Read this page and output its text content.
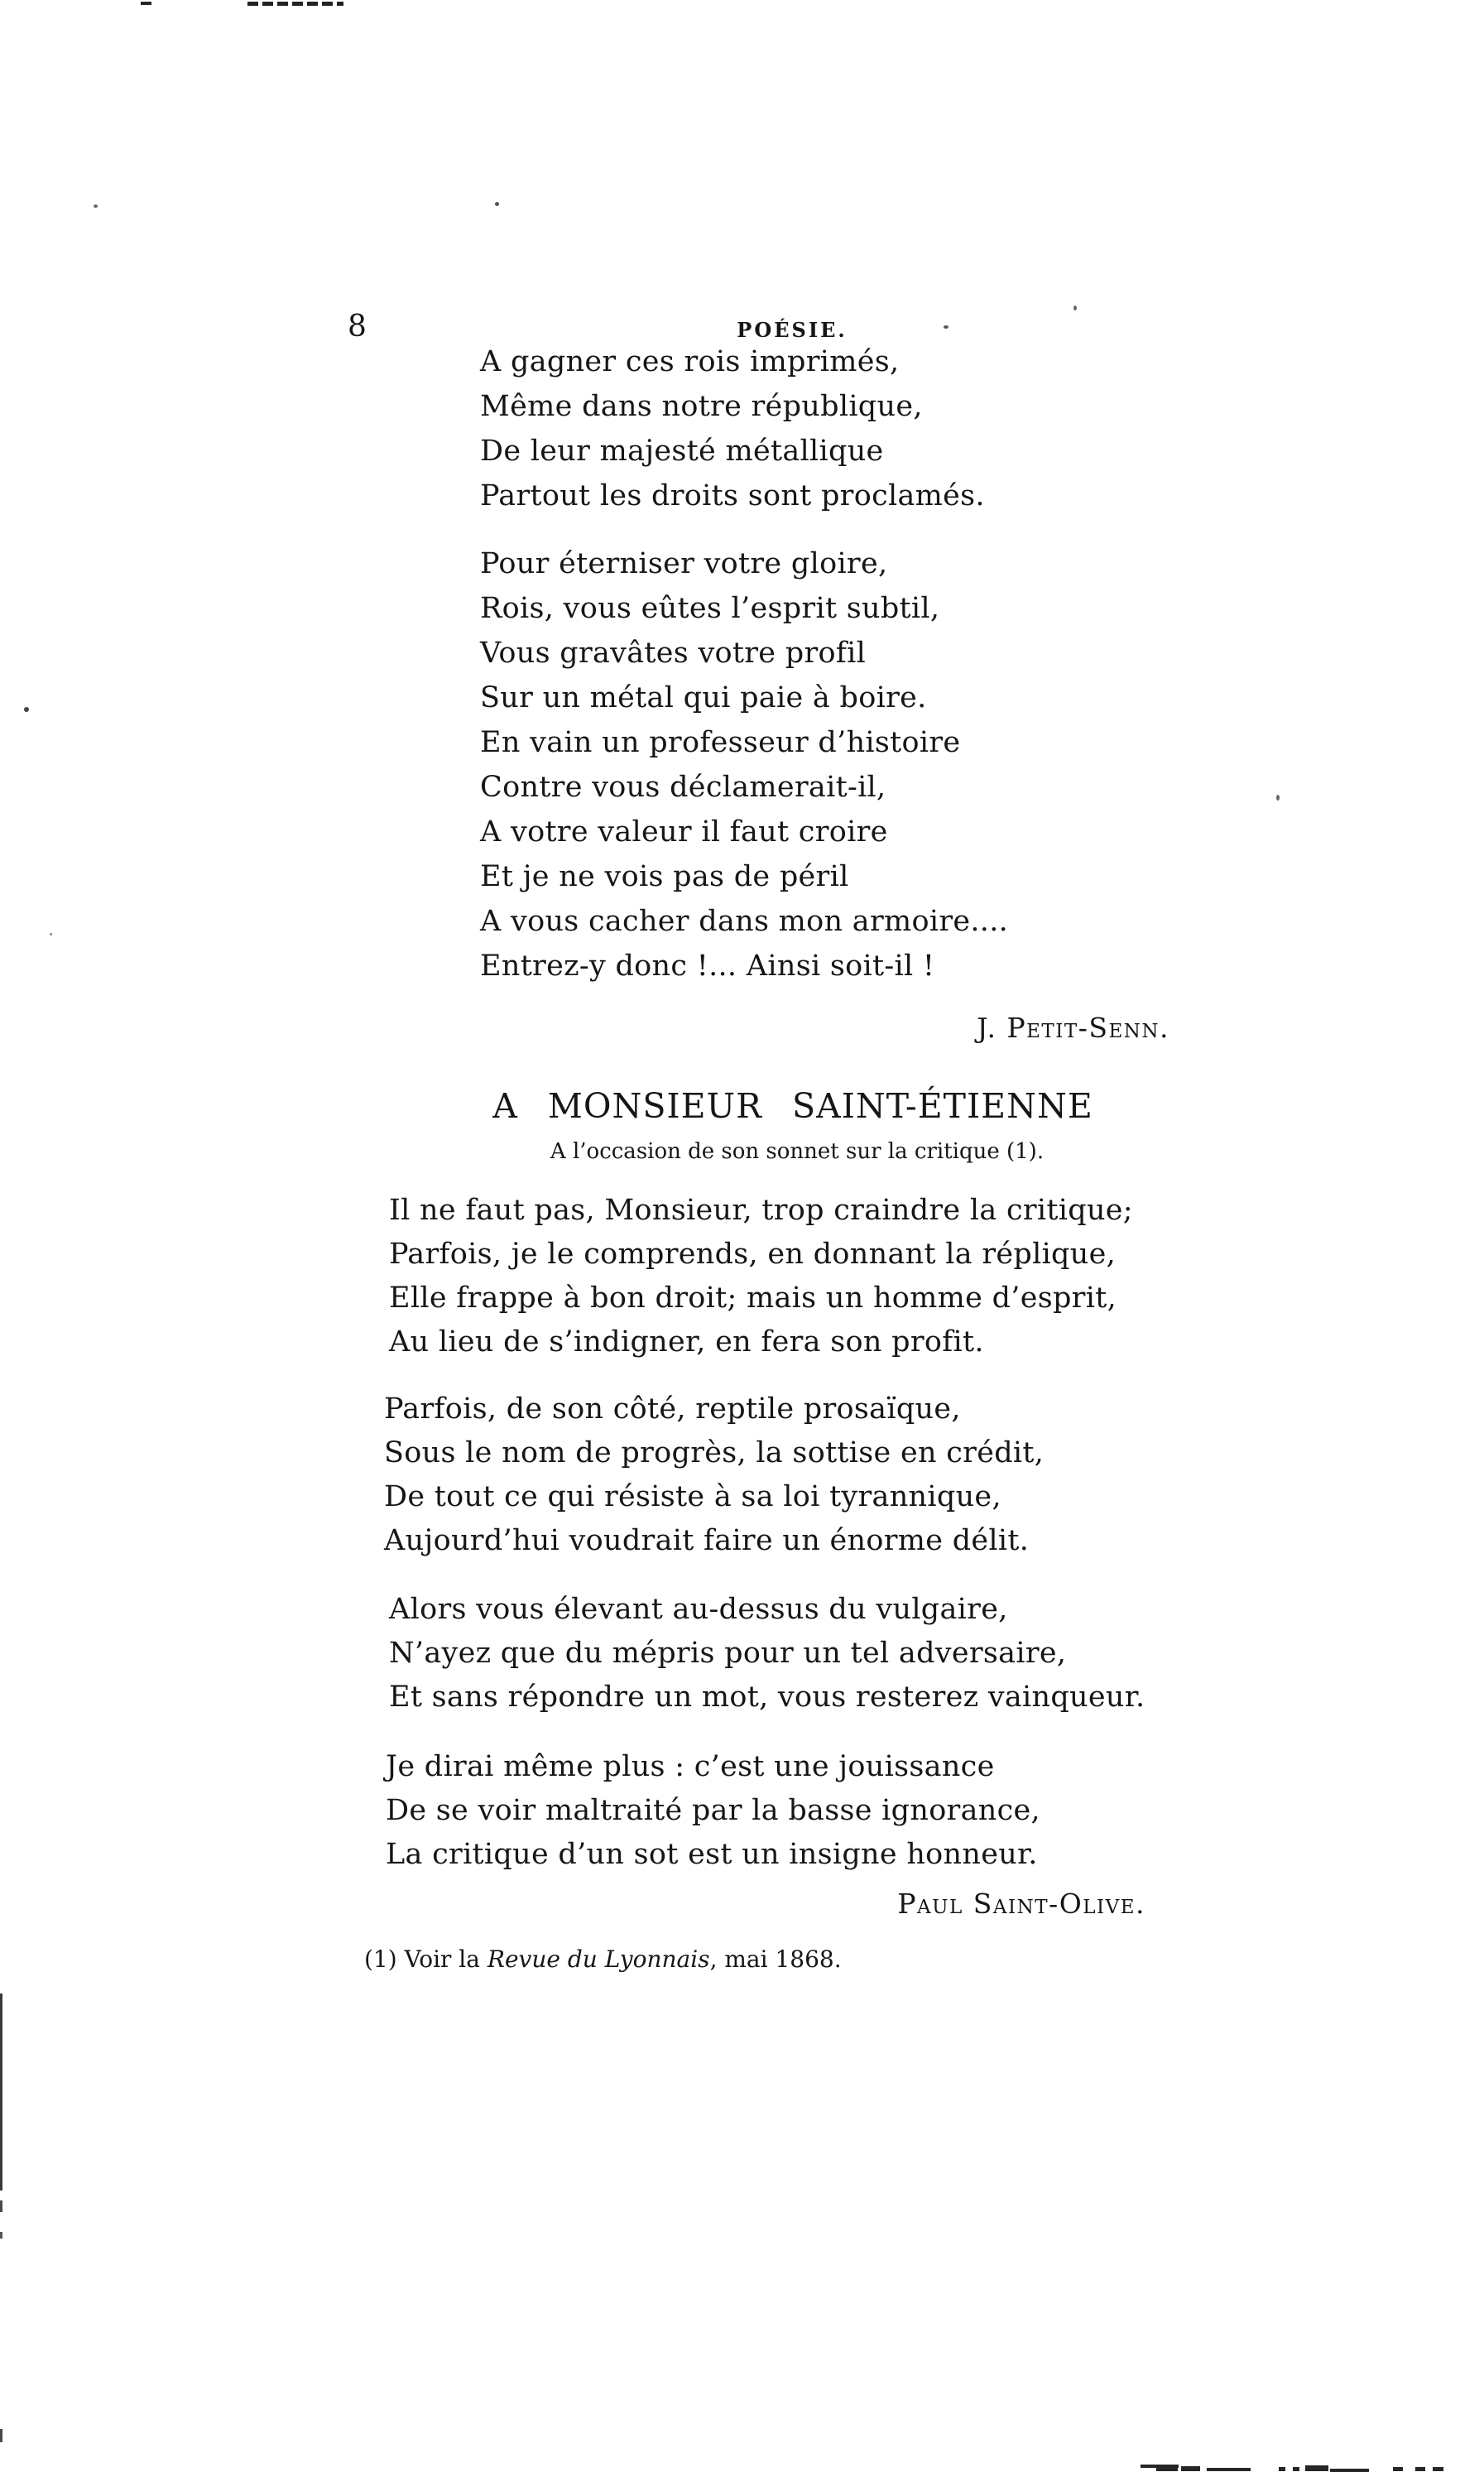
8	POÉSIE.
A gagner ces rois imprimés,
Même dans notre république,
De leur majesté métallique
Partout les droits sont proclamés.
Pour éterniser votre gloire,
Rois, vous eûtes l’esprit subtil,
Vous gravâtes votre profil
Sur un métal qui paie à boire.
En vain un professeur d’histoire
Contre vous déclamerait-il,
A votre valeur il faut croire
Et je ne vois pas de péril
A vous cacher dans mon armoire....
Entrez-y donc !... Ainsi soit-il !
J. Petit-Senn.
A MONSIEUR SAINT-ÉTIENNE
A l’occasion de son sonnet sur la critique (1).
Il ne faut pas, Monsieur, trop craindre la critique;
Parfois, je le comprends, en donnant la réplique,
Elle frappe à bon droit; mais un homme d’esprit,
Au lieu de s’indigner, en fera son profit.
Parfois, de son côté, reptile prosaïque,
Sous le nom de progrès, la sottise en crédit,
De tout ce qui résiste à sa loi tyrannique,
Aujourd’hui voudrait faire un énorme délit.
Alors vous élevant au-dessus du vulgaire,
N’ayez que du mépris pour un tel adversaire,
Et sans répondre un mot, vous resterez vainqueur.
Je dirai même plus : c’est une jouissance
De se voir maltraité par la basse ignorance,
La critique d’un sot est un insigne honneur.
Paul Saint-Olive.
(1) Voir la Revue du Lyonnais, mai 1868.
